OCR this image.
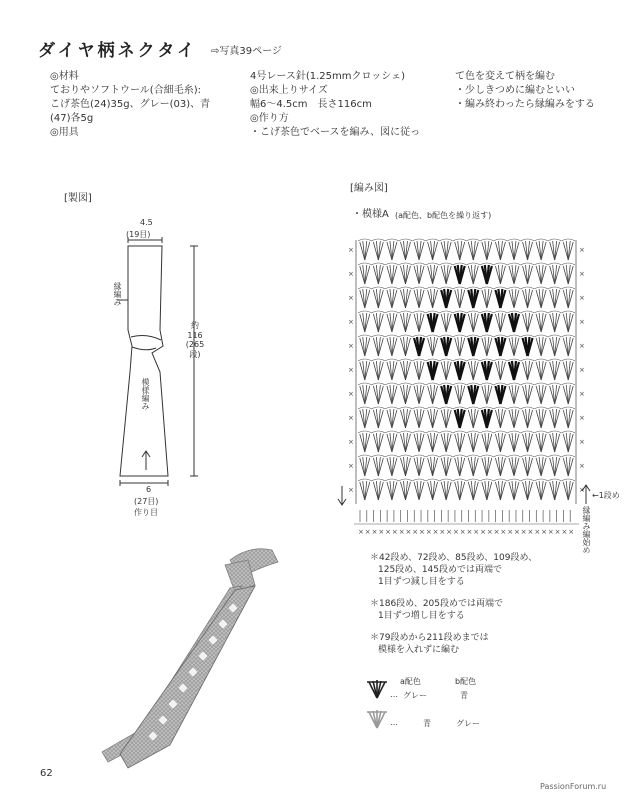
ダイヤ柄ネクタイ ⇨写真39ページ
◎材料
ておりやソフトウール(合細毛糸):
こげ茶色(24)35g、グレー(03)、青
(47)各5g
◎用具
4号レース針(1.25mmクロッシェ)
◎出来上りサイズ
幅6～4.5cm　長さ116cm
◎作り方
・こげ茶色でベースを編み、図に従っ
て色を変えて柄を編む
・少しきつめに編むといい
・編み終わったら縁編みをする
[製図]
4.5
(19目)
縁編み
約
116
(265
段)
模様編み
6
(27目)
作り目
[編み図]
・模様A (a配色、b配色を繰り返す)
←1段め
縁編み編始め
×	×
×	×
×	×
×	×
×	×
×	×
×	×
×	×
×	×
×	×
×	×
× × × × × × × × × × × × × × × × × × × × × × × × × × × × × × × ×
＊42段め、72段め、85段め、109段め、
125段め、145段めでは両端で
1目ずつ減し目をする
＊186段め、205段めでは両端で
1目ずつ増し目をする
＊79段めから211段めまでは
模様を入れずに編む
a配色	b配色
… グレー	青
…	青	グレー
62
PassionForum.ru
